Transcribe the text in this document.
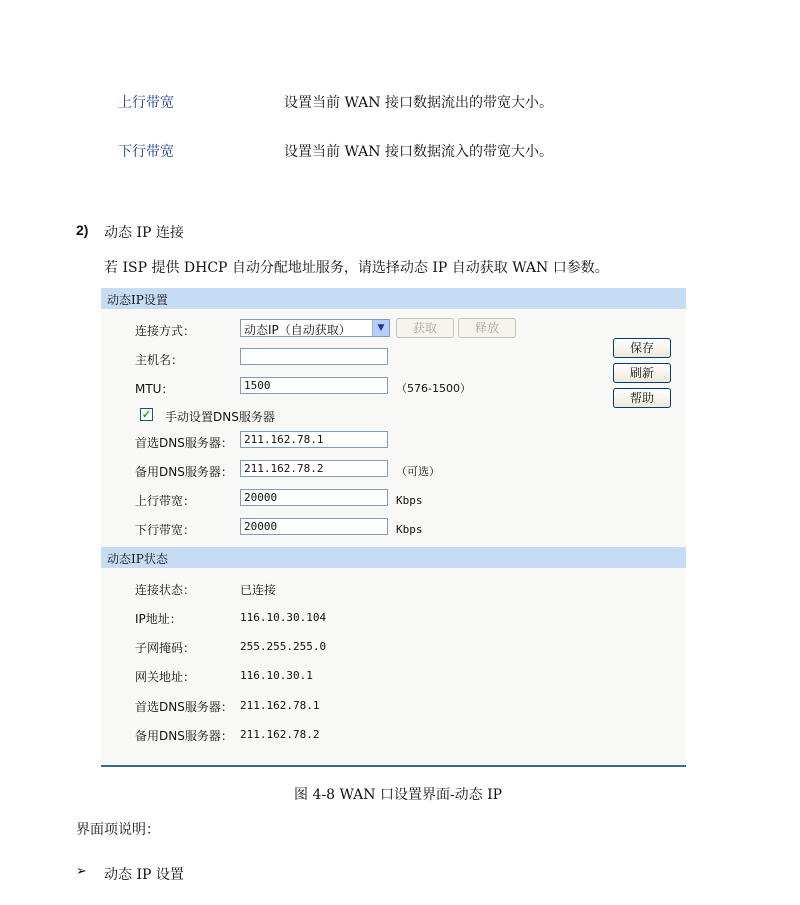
上行带宽	设置当前 WAN 接口数据流出的带宽大小。
下行带宽	设置当前 WAN 接口数据流入的带宽大小。
2) 动态 IP 连接
若 ISP 提供 DHCP 自动分配地址服务，请选择动态 IP 自动获取 WAN 口参数。
动态IP设置
连接方式：	动态IP（自动获取）	▼	获取	释放
主机名：
MTU：	1500	（576-1500）
✓ 手动设置DNS服务器
首选DNS服务器： 211.162.78.1
备用DNS服务器： 211.162.78.2	（可选）
上行带宽：	20000	Kbps
下行带宽：	20000	Kbps
保存
刷新
帮助
动态IP状态
连接状态：	已连接
IP地址：	116.10.30.104
子网掩码：	255.255.255.0
网关地址：	116.10.30.1
首选DNS服务器： 211.162.78.1
备用DNS服务器： 211.162.78.2
图 4-8 WAN 口设置界面-动态 IP
界面项说明：
➢ 动态 IP 设置
